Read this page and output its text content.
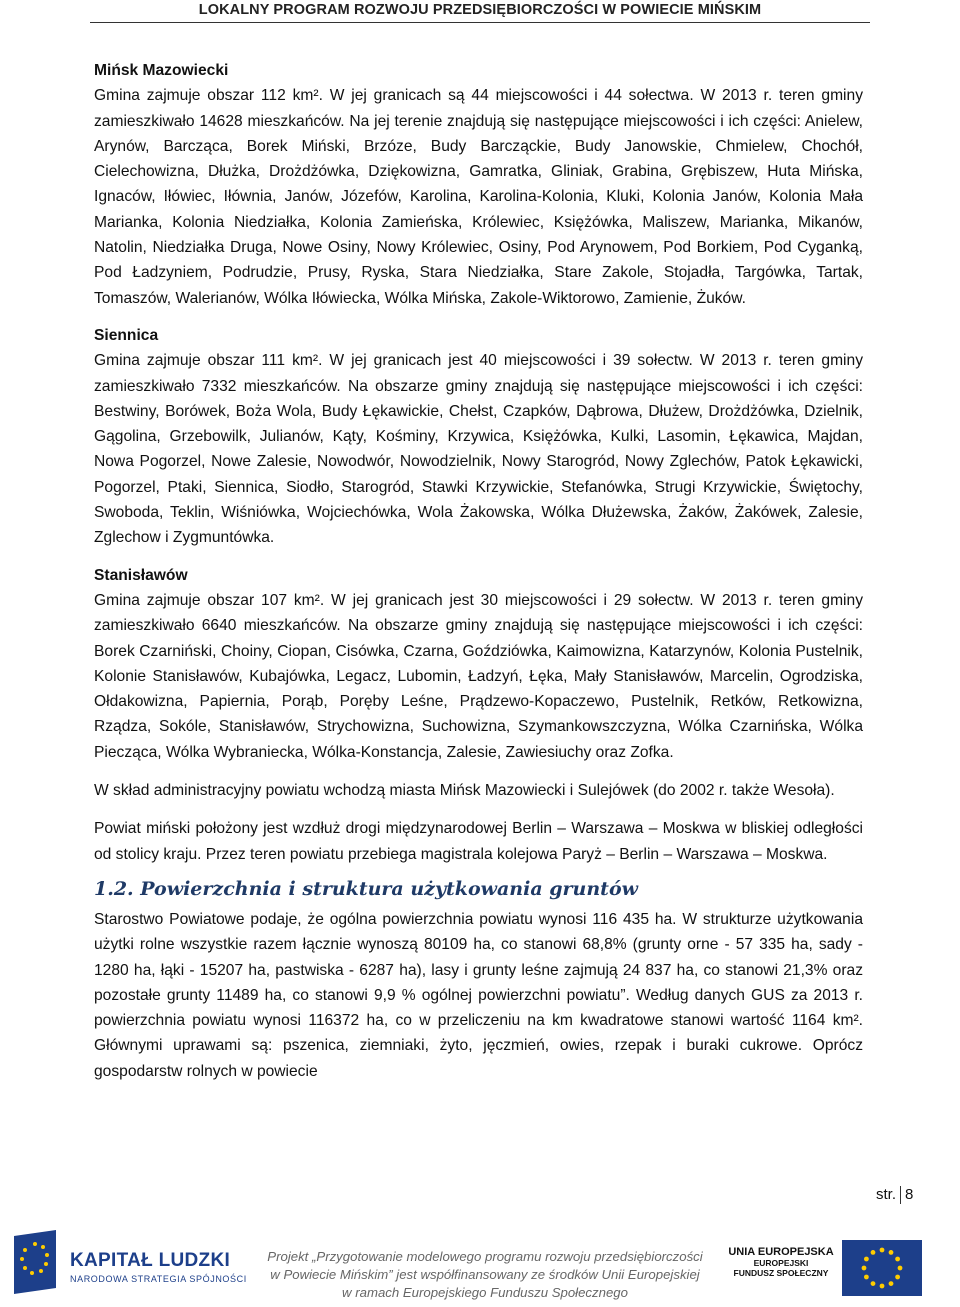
LOKALNY PROGRAM ROZWOJU PRZEDSIĘBIORCZOŚCI W POWIECIE MIŃSKIM

Mińsk Mazowiecki

Gmina zajmuje obszar 112 km². W jej granicach są 44 miejscowości i 44 sołectwa. W 2013 r. teren gminy zamieszkiwało 14628 mieszkańców. Na jej terenie znajdują się następujące miejscowości i ich części: Anielew, Arynów, Barcząca, Borek Miński, Brzóze, Budy Barcząckie, Budy Janowskie, Chmielew, Chochół, Cielechowizna, Dłużka, Drożdżówka, Dziękowizna, Gamratka, Gliniak, Grabina, Grębiszew, Huta Mińska, Ignaców, Iłówiec, Iłównia, Janów, Józefów, Karolina, Karolina-Kolonia, Kluki, Kolonia Janów, Kolonia Mała Marianka, Kolonia Niedziałka, Kolonia Zamieńska, Królewiec, Księżówka, Maliszew, Marianka, Mikanów, Natolin, Niedziałka Druga, Nowe Osiny, Nowy Królewiec, Osiny, Pod Arynowem, Pod Borkiem, Pod Cyganką, Pod Ładzyniem, Podrudzie, Prusy, Ryska, Stara Niedziałka, Stare Zakole, Stojadła, Targówka, Tartak, Tomaszów, Walerianów, Wólka Iłówiecka, Wólka Mińska, Zakole-Wiktorowo, Zamienie, Żuków.

Siennica

Gmina zajmuje obszar 111 km². W jej granicach jest 40 miejscowości i 39 sołectw. W 2013 r. teren gminy zamieszkiwało 7332 mieszkańców. Na obszarze gminy znajdują się następujące miejscowości i ich części: Bestwiny, Borówek, Boża Wola, Budy Łękawickie, Chełst, Czapków, Dąbrowa, Dłużew, Drożdżówka, Dzielnik, Gągolina, Grzebowilk, Julianów, Kąty, Kośminy, Krzywica, Księżówka, Kulki, Lasomin, Łękawica, Majdan, Nowa Pogorzel, Nowe Zalesie, Nowodwór, Nowodzielnik, Nowy Starogród, Nowy Zglechów, Patok Łękawicki, Pogorzel, Ptaki, Siennica, Siodło, Starogród, Stawki Krzywickie, Stefanówka, Strugi Krzywickie, Świętochy, Swoboda, Teklin, Wiśniówka, Wojciechówka, Wola Żakowska, Wólka Dłużewska, Żaków, Żakówek, Zalesie, Zglechow i Zygmuntówka.

Stanisławów

Gmina zajmuje obszar 107 km². W jej granicach jest 30 miejscowości i 29 sołectw. W 2013 r. teren gminy zamieszkiwało 6640 mieszkańców. Na obszarze gminy znajdują się następujące miejscowości i ich części: Borek Czarniński, Choiny, Ciopan, Cisówka, Czarna, Goździówka, Kaimowizna, Katarzynów, Kolonia Pustelnik, Kolonie Stanisławów, Kubajówka, Legacz, Lubomin, Ładzyń, Łęka, Mały Stanisławów, Marcelin, Ogrodziska, Ołdakowizna, Papiernia, Porąb, Poręby Leśne, Prądzewo-Kopaczewo, Pustelnik, Retków, Retkowizna, Rządza, Sokóle, Stanisławów, Strychowizna, Suchowizna, Szymankowszczyzna, Wólka Czarnińska, Wólka Piecząca, Wólka Wybraniecka, Wólka-Konstancja, Zalesie, Zawiesiuchy oraz Zofka.

W skład administracyjny powiatu wchodzą miasta Mińsk Mazowiecki i Sulejówek (do 2002 r. także Wesoła).

Powiat miński położony jest wzdłuż drogi międzynarodowej Berlin – Warszawa – Moskwa w bliskiej odległości od stolicy kraju. Przez teren powiatu przebiega magistrala kolejowa Paryż – Berlin – Warszawa – Moskwa.

1.2. Powierzchnia i struktura użytkowania gruntów

Starostwo Powiatowe podaje, że ogólna powierzchnia powiatu wynosi 116 435 ha. W strukturze użytkowania użytki rolne wszystkie razem łącznie wynoszą 80109 ha, co stanowi 68,8% (grunty orne - 57 335 ha, sady - 1280 ha, łąki - 15207 ha, pastwiska - 6287 ha), lasy i grunty leśne zajmują 24 837 ha, co stanowi 21,3% oraz pozostałe grunty 11489 ha, co stanowi 9,9 % ogólnej powierzchni powiatu”. Według danych GUS za 2013 r. powierzchnia powiatu wynosi 116372 ha, co w przeliczeniu na km kwadratowe stanowi wartość 1164 km². Głównymi uprawami są: pszenica, ziemniaki, żyto, jęczmień, owies, rzepak i buraki cukrowe. Oprócz gospodarstw rolnych w powiecie

str. 8
KAPITAŁ LUDZKI
NARODOWA STRATEGIA SPÓJNOŚCI
Projekt „Przygotowanie modelowego programu rozwoju przedsiębiorczości
w Powiecie Mińskim” jest współfinansowany ze środków Unii Europejskiej
w ramach Europejskiego Funduszu Społecznego
UNIA EUROPEJSKA
EUROPEJSKI
FUNDUSZ SPOŁECZNY
